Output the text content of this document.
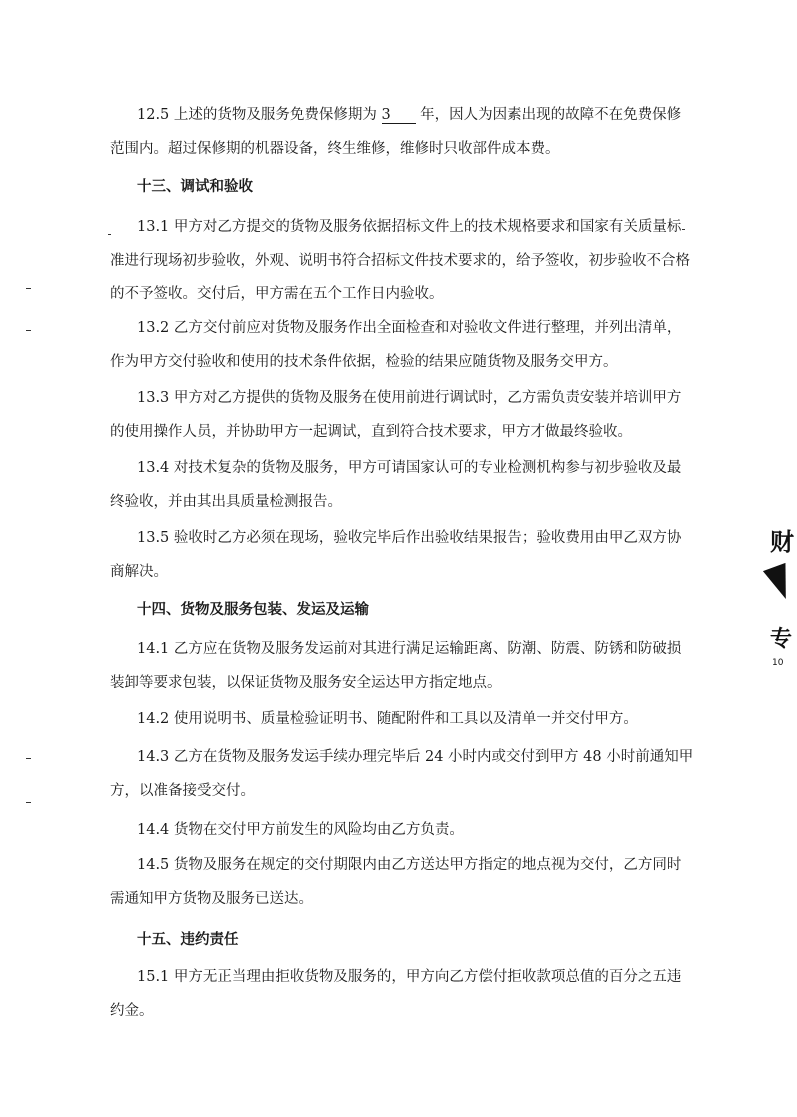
12.5 上述的货物及服务免费保修期为 3 年，因人为因素出现的故障不在免费保修
范围内。超过保修期的机器设备，终生维修，维修时只收部件成本费。
十三、调试和验收
13.1 甲方对乙方提交的货物及服务依据招标文件上的技术规格要求和国家有关质量标
准进行现场初步验收，外观、说明书符合招标文件技术要求的，给予签收，初步验收不合格
的不予签收。交付后，甲方需在五个工作日内验收。
13.2 乙方交付前应对货物及服务作出全面检查和对验收文件进行整理，并列出清单，
作为甲方交付验收和使用的技术条件依据，检验的结果应随货物及服务交甲方。
13.3 甲方对乙方提供的货物及服务在使用前进行调试时，乙方需负责安装并培训甲方
的使用操作人员，并协助甲方一起调试，直到符合技术要求，甲方才做最终验收。
13.4 对技术复杂的货物及服务，甲方可请国家认可的专业检测机构参与初步验收及最
终验收，并由其出具质量检测报告。
13.5 验收时乙方必须在现场，验收完毕后作出验收结果报告；验收费用由甲乙双方协
商解决。
十四、货物及服务包装、发运及运输
14.1 乙方应在货物及服务发运前对其进行满足运输距离、防潮、防震、防锈和防破损
装卸等要求包装，以保证货物及服务安全运达甲方指定地点。
14.2 使用说明书、质量检验证明书、随配附件和工具以及清单一并交付甲方。
14.3 乙方在货物及服务发运手续办理完毕后 24 小时内或交付到甲方 48 小时前通知甲
方，以准备接受交付。
14.4 货物在交付甲方前发生的风险均由乙方负责。
14.5 货物及服务在规定的交付期限内由乙方送达甲方指定的地点视为交付，乙方同时
需通知甲方货物及服务已送达。
十五、违约责任
15.1 甲方无正当理由拒收货物及服务的，甲方向乙方偿付拒收款项总值的百分之五违
约金。
财
专
10
